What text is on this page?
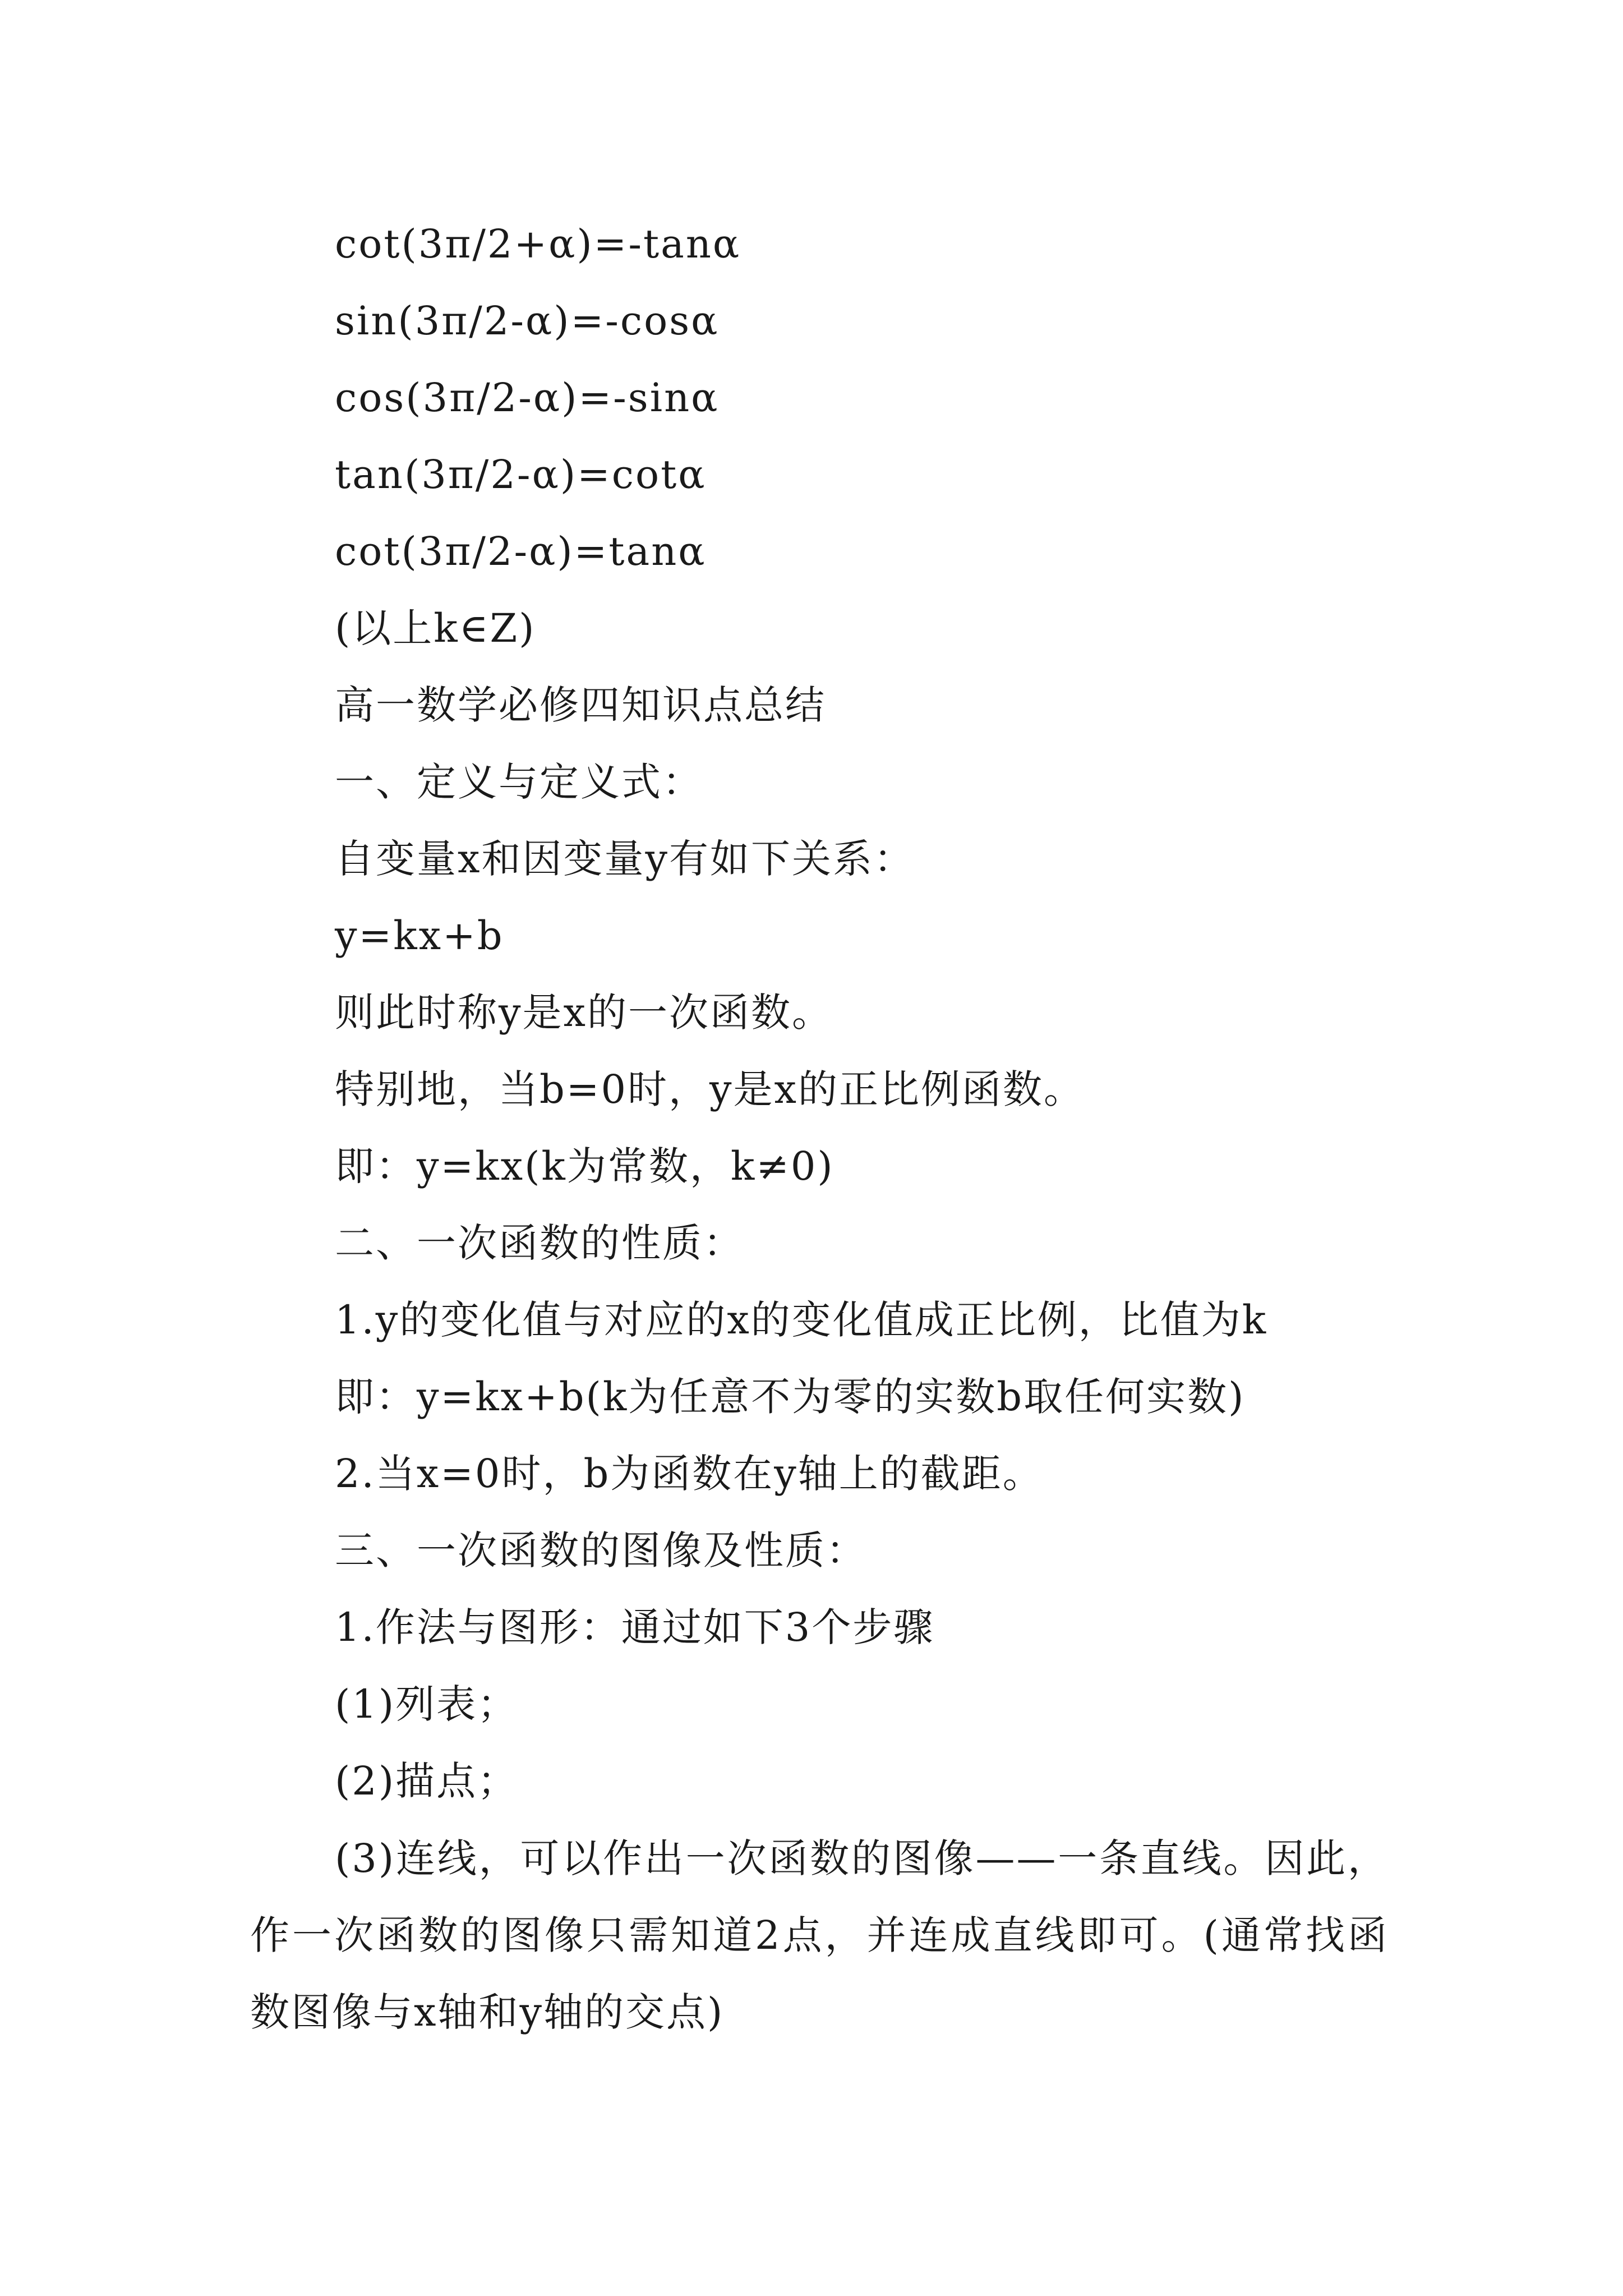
cot(3π/2+α)=-tanα
sin(3π/2-α)=-cosα
cos(3π/2-α)=-sinα
tan(3π/2-α)=cotα
cot(3π/2-α)=tanα
(以上k∈Z)
高一数学必修四知识点总结
一、定义与定义式：
自变量x和因变量y有如下关系：
y=kx+b
则此时称y是x的一次函数。
特别地，当b=0时，y是x的正比例函数。
即：y=kx(k为常数，k≠0)
二、一次函数的性质：
1.y的变化值与对应的x的变化值成正比例，比值为k
即：y=kx+b(k为任意不为零的实数b取任何实数)
2.当x=0时，b为函数在y轴上的截距。
三、一次函数的图像及性质：
1.作法与图形：通过如下3个步骤
(1)列表；
(2)描点；
(3)连线，可以作出一次函数的图像——一条直线。因此，作一次函数的图像只需知道2点，并连成直线即可。(通常找函数图像与x轴和y轴的交点)
